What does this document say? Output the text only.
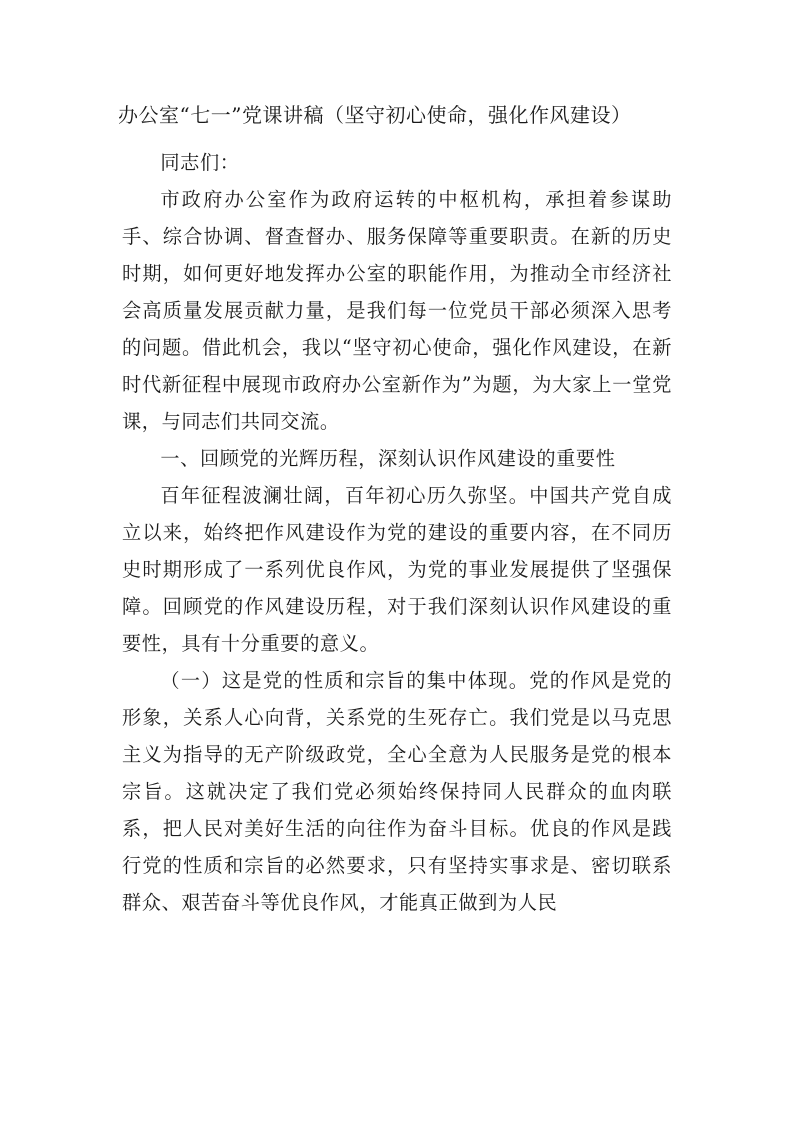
办公室“七一”党课讲稿（坚守初心使命，强化作风建设）

同志们：

市政府办公室作为政府运转的中枢机构，承担着参谋助手、综合协调、督查督办、服务保障等重要职责。在新的历史时期，如何更好地发挥办公室的职能作用，为推动全市经济社会高质量发展贡献力量，是我们每一位党员干部必须深入思考的问题。借此机会，我以“坚守初心使命，强化作风建设，在新时代新征程中展现市政府办公室新作为”为题，为大家上一堂党课，与同志们共同交流。

一、回顾党的光辉历程，深刻认识作风建设的重要性

百年征程波澜壮阔，百年初心历久弥坚。中国共产党自成立以来，始终把作风建设作为党的建设的重要内容，在不同历史时期形成了一系列优良作风，为党的事业发展提供了坚强保障。回顾党的作风建设历程，对于我们深刻认识作风建设的重要性，具有十分重要的意义。

（一）这是党的性质和宗旨的集中体现。党的作风是党的形象，关系人心向背，关系党的生死存亡。我们党是以马克思主义为指导的无产阶级政党，全心全意为人民服务是党的根本宗旨。这就决定了我们党必须始终保持同人民群众的血肉联系，把人民对美好生活的向往作为奋斗目标。优良的作风是践行党的性质和宗旨的必然要求，只有坚持实事求是、密切联系群众、艰苦奋斗等优良作风，才能真正做到为人民
